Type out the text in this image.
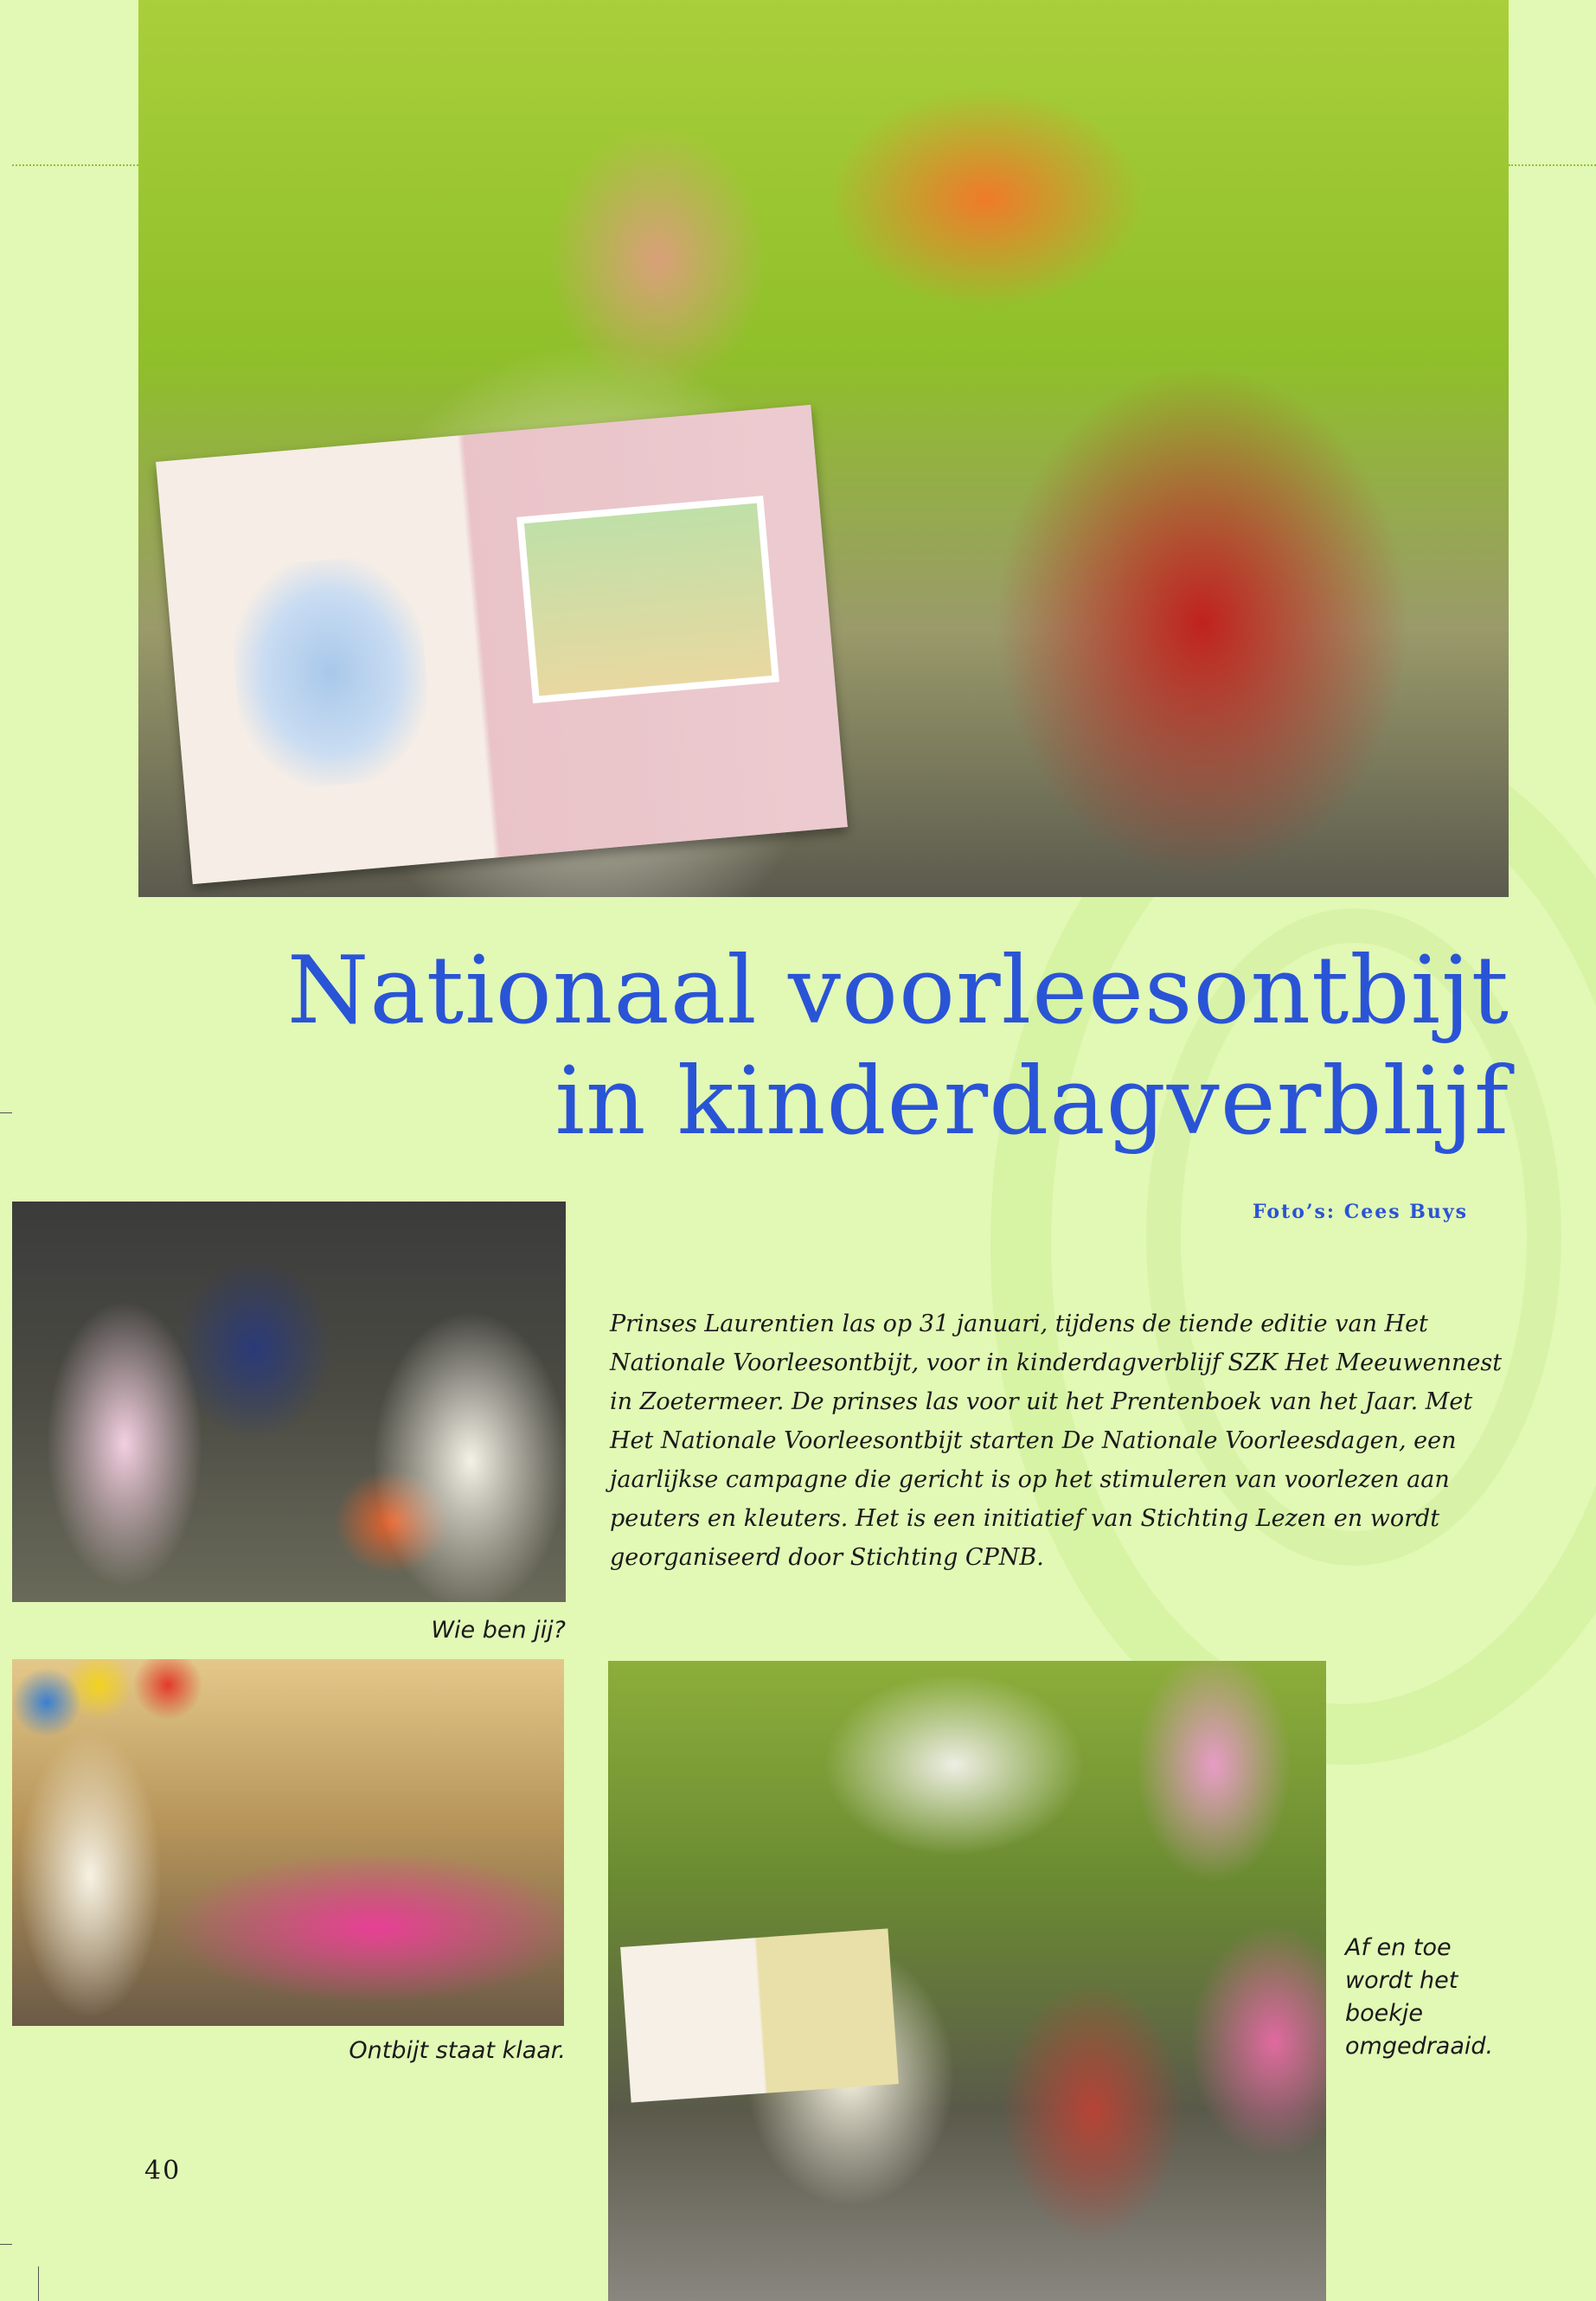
Nationaal voorleesontbijt
in kinderdagverblijf
Foto’s: Cees Buys
Wie ben jij?

Prinses Laurentien las op 31 januari, tijdens de tiende editie van Het Nationale Voorleesontbijt, voor in kinderdagverblijf SZK Het Meeuwennest in Zoetermeer. De prinses las voor uit het Prentenboek van het Jaar. Met Het Nationale Voorleesontbijt starten De Nationale Voorleesdagen, een jaarlijkse campagne die gericht is op het stimuleren van voorlezen aan peuters en kleuters. Het is een initiatief van Stichting Lezen en wordt georganiseerd door Stichting CPNB.

Ontbijt staat klaar.
Af en toe wordt het boekje omgedraaid.
40
